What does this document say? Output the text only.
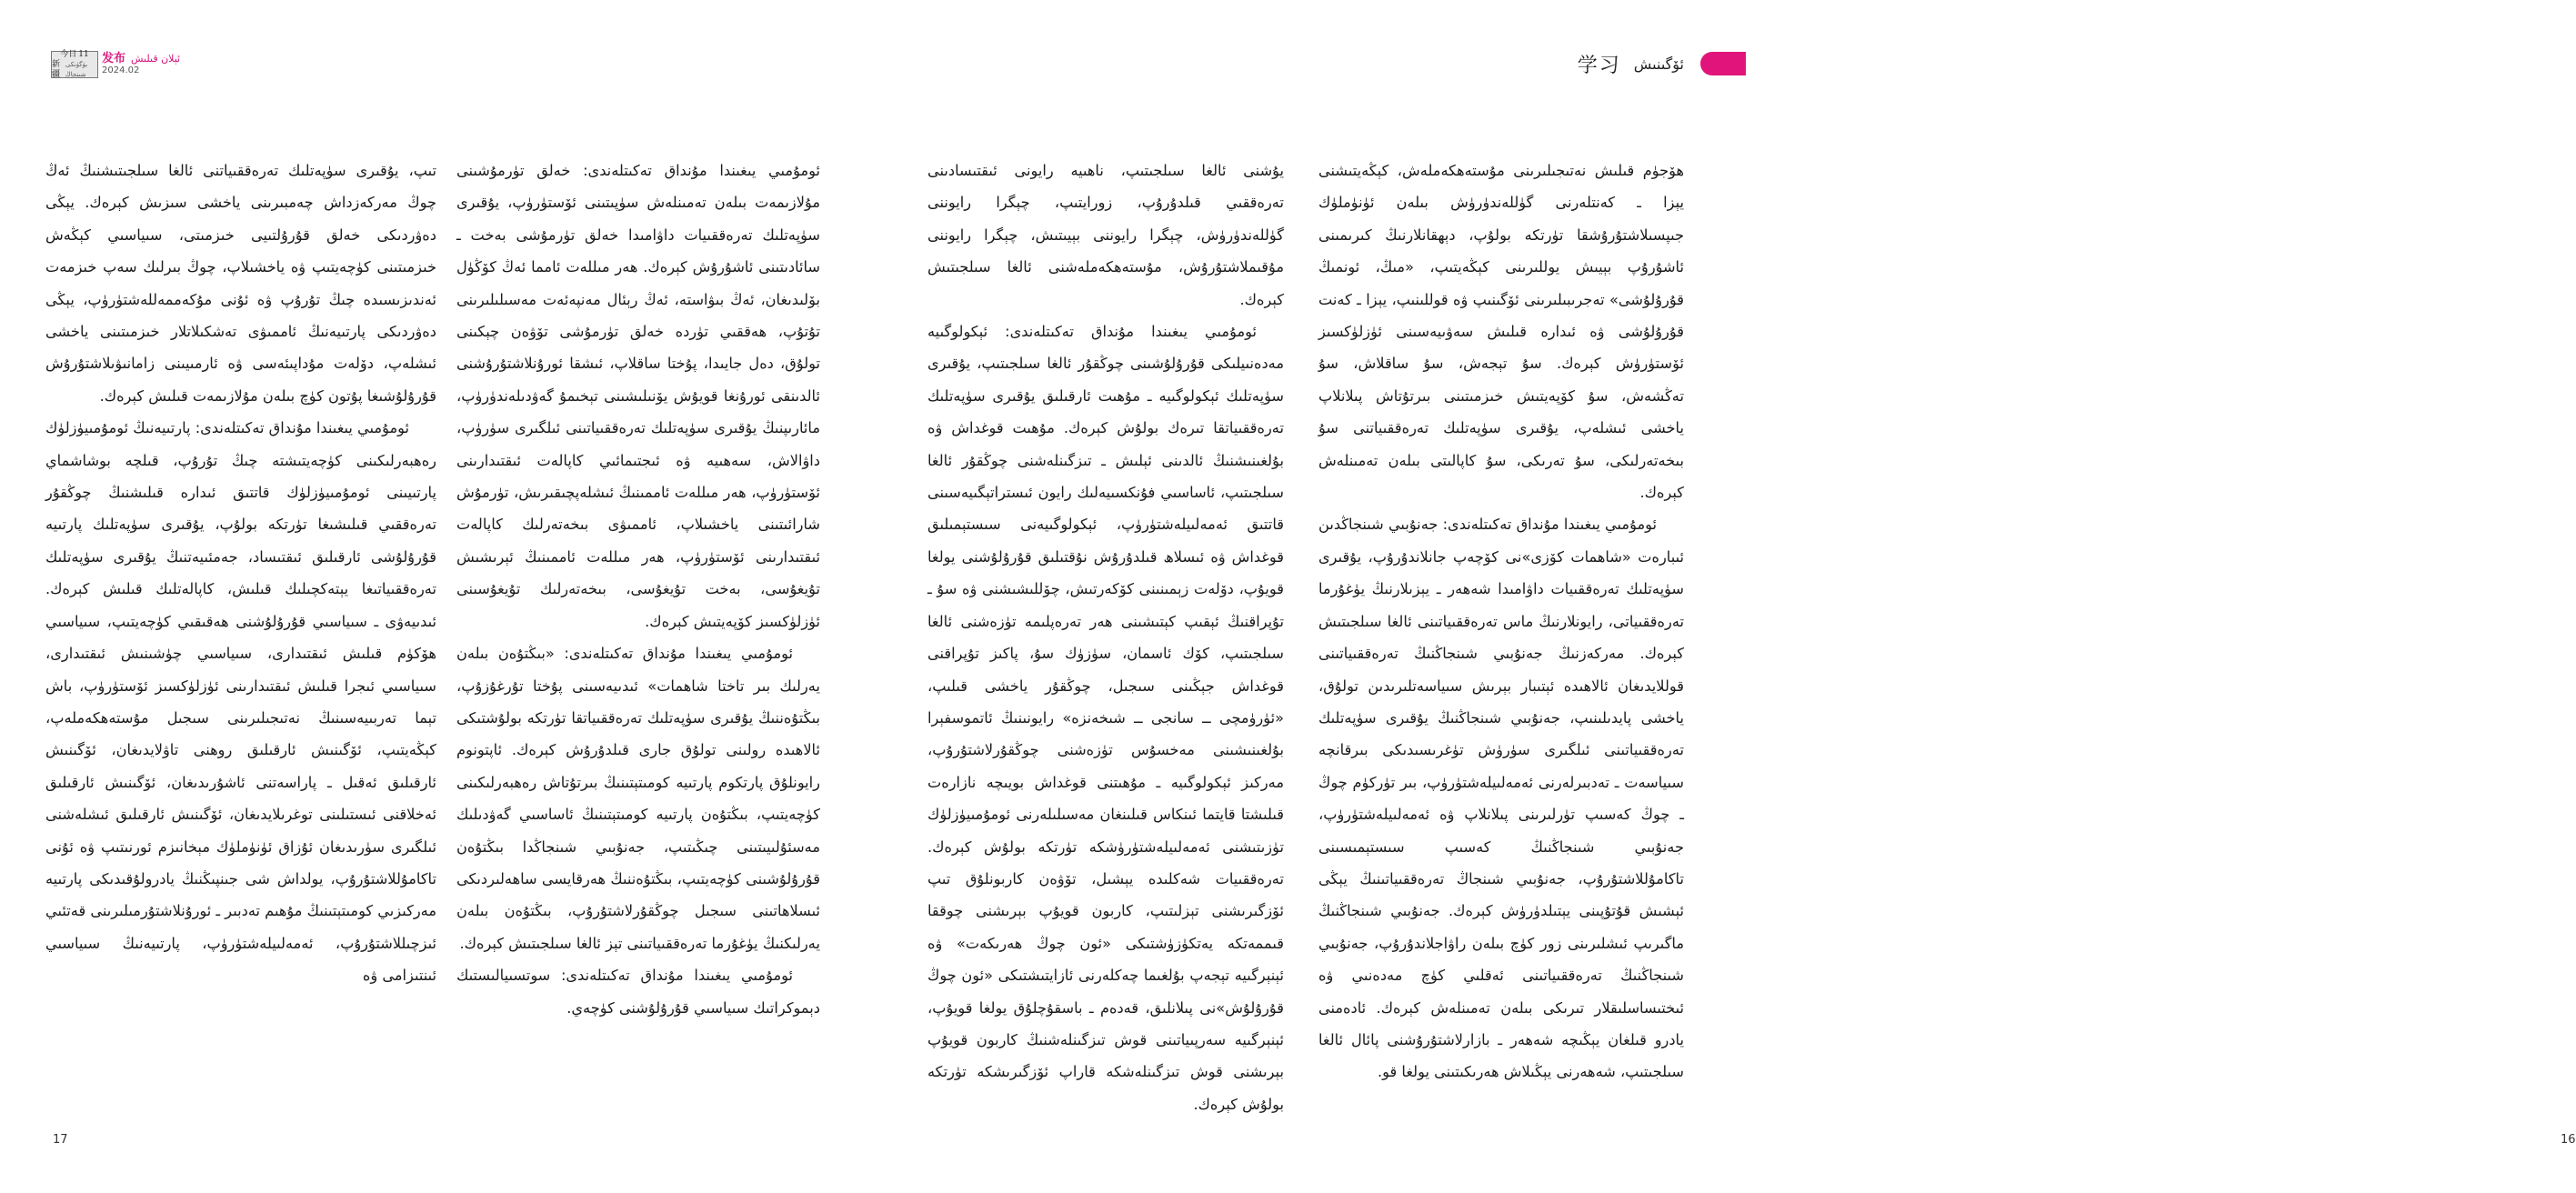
今日 11
新疆
بۈگۈنكى شىنجاڭ
发布 ئېلان قىلىش
2024.02

تىپ، يۇقىرى سۈپەتلىك تەرەققىياتنى ئالغا سىلجىتىشنىڭ ئەڭ چوڭ مەركەزداش چەمبىرىنى ياخشى سىزىش كېرەك. يېڭى دەۋردىكى خەلق قۇرۇلتىيى خىزمىتى، سىياسىي كېڭەش خىزمىتىنى كۈچەيتىپ ۋە ياخشىلاپ، چوڭ بىرلىك سەپ خىزمەت ئەندىزىسىدە چىڭ تۇرۇپ ۋە ئۇنى مۇكەممەللەشتۈرۈپ، يېڭى دەۋردىكى پارتىيەنىڭ ئاممىۋى تەشكىلاتلار خىزمىتىنى ياخشى ئىشلەپ، دۆلەت مۇداپىئەسى ۋە ئارمىيىنى زامانىۋىلاشتۇرۇش قۇرۇلۇشىغا پۇتون كۈچ بىلەن مۇلازىمەت قىلىش كېرەك.

ئومۇمىي يىغىندا مۇنداق تەكىتلەندى: پارتىيەنىڭ ئومۇمىيۈزلۈك رەھبەرلىكىنى كۈچەيتىشتە چىڭ تۇرۇپ، قىلچە بوشاشماي پارتىيىنى ئومۇمىيۈزلۈك قاتتىق ئىدارە قىلىشنىڭ چوڭقۇر تەرەققىي قىلىشىغا تۈرتكە بولۇپ، يۇقىرى سۈپەتلىك پارتىيە قۇرۇلۇشى ئارقىلىق ئىقتىساد، جەمئىيەتنىڭ يۇقىرى سۈپەتلىك تەرەققىياتىغا يېتەكچىلىك قىلىش، كاپالەتلىك قىلىش كېرەك. ئىدىيەۋى ـ سىياسىي قۇرۇلۇشنى ھەقىقىي كۈچەيتىپ، سىياسىي ھۆكۈم قىلىش ئىقتىدارى، سىياسىي چۈشىنىش ئىقتىدارى، سىياسىي ئىجرا قىلىش ئىقتىدارىنى ئۈزلۈكسىز ئۆستۈرۈپ، باش تېما تەربىيەسىنىڭ نەتىجىلىرىنى سىجىل مۇستەھكەملەپ، كېڭەيتىپ، ئۆگىنىش ئارقىلىق روھنى تاۋلايدىغان، ئۆگىنىش ئارقىلىق ئەقىل ـ پاراسەتنى ئاشۇرىدىغان، ئۆگىنىش ئارقىلىق ئەخلاقنى ئىستىلىنى توغرىلايدىغان، ئۆگىنىش ئارقىلىق ئىشلەشنى ئىلگىرى سۈرىدىغان ئۇزاق ئۈنۈملۈك مېخانىزم ئورنىتىپ ۋە ئۇنى تاكامۇللاشتۇرۇپ، يولداش شى جىنپىڭنىڭ يادرولۇقىدىكى پارتىيە مەركىزىي كومىتېتىنىڭ مۇھىم تەدبىر ـ ئورۇنلاشتۇرمىلىرىنى قەتئىي ئىزچىللاشتۇرۇپ، ئەمەلىيلەشتۈرۈپ، پارتىيەنىڭ سىياسىي ئىنتىزامى ۋە

ئومۇمىي يىغىندا مۇنداق تەكىتلەندى: خەلق تۈرمۇشىنى مۇلازىمەت بىلەن تەمىنلەش سۈپىتىنى ئۆستۈرۈپ، يۇقىرى سۈپەتلىك تەرەققىيات داۋامىدا خەلق تۈرمۇشى بەخت ـ سائادىتىنى ئاشۇرۇش كېرەك. ھەر مىللەت ئامما ئەڭ كۆڭۈل بۆلىدىغان، ئەڭ بىۋاستە، ئەڭ رېئال مەنپەئەت مەسىلىلىرىنى تۇتۇپ، ھەققىي تۈردە خەلق تۈرمۇشى تۆۋەن چېكىنى تولۇق، دەل جايىدا، پۇختا ساقلاپ، ئىشقا ئورۇنلاشتۇرۇشنى ئالدىنقى ئورۇنغا قويۇش يۆنىلىشىنى تېخىمۇ گەۋدىلەندۈرۈپ، مائارىپنىڭ يۇقىرى سۈپەتلىك تەرەققىياتىنى ئىلگىرى سۈرۈپ، داۋالاش، سەھىيە ۋە ئىجتىمائىي كاپالەت ئىقتىدارىنى ئۆستۈرۈپ، ھەر مىللەت ئاممىنىڭ ئىشلەپچىقىرىش، تۈرمۇش شارائىتىنى ياخشىلاپ، ئاممىۋى بىخەتەرلىك كاپالەت ئىقتىدارىنى ئۆستۈرۈپ، ھەر مىللەت ئاممىنىڭ ئېرىشىش تۇيغۇسى، بەخت تۇيغۇسى، بىخەتەرلىك تۇيغۇسىنى ئۈزلۈكسىز كۆپەيتىش كېرەك.

ئومۇمىي يىغىندا مۇنداق تەكىتلەندى: «بىڭتۇەن بىلەن يەرلىك بىر تاختا شاھمات» ئىدىيەسىنى پۇختا تۇرغۇزۇپ، بىڭتۇەننىڭ يۇقىرى سۈپەتلىك تەرەققىياتقا تۈرتكە بولۇشتىكى ئالاھىدە رولىنى تولۇق جارى قىلدۇرۇش كېرەك. ئاپتونوم رايونلۇق پارتكوم پارتىيە كومىتېتىنىڭ بىرتۇتاش رەھبەرلىكىنى كۈچەيتىپ، بىڭتۇەن پارتىيە كومىتېتىنىڭ ئاساسىي گەۋدىلىك مەسئۇلىيىتىنى چىڭىتىپ، جەنۇبىي شىنجاڭدا بىڭتۇەن قۇرۇلۇشىنى كۈچەيتىپ، بىڭتۇەننىڭ ھەرقايسى ساھەلىردىكى ئىسلاھاتىنى سىجىل چوڭقۇرلاشتۇرۇپ، بىڭتۇەن بىلەن يەرلىكنىڭ يۈغۇرما تەرەققىياتىنى تېز ئالغا سىلجىتىش كېرەك.

ئومۇمىي يىغىندا مۇنداق تەكىتلەندى: سوتسىيالىستىك دېموكراتىك سىياسىي قۇرۇلۇشنى كۈچەي.

17
学习 ئۆگىنىش
16

يۇشنى ئالغا سىلجىتىپ، ناھىيە رايونى ئىقتىسادىنى تەرەققىي قىلدۇرۇپ، زورايتىپ، چېگرا رايوننى گۈللەندۈرۈش، چېگرا رايوننى بېيىتىش، چېگرا رايوننى مۇقىملاشتۇرۇش، مۇستەھكەملەشنى ئالغا سىلجىتىش كېرەك.

ئومۇمىي يىغىندا مۇنداق تەكىتلەندى: ئېكولوگىيە مەدەنىيلىكى قۇرۇلۇشىنى چوڭقۇر ئالغا سىلجىتىپ، يۇقىرى سۈپەتلىك ئېكولوگىيە ـ مۇھىت ئارقىلىق يۇقىرى سۈپەتلىك تەرەققىياتقا تىرەك بولۇش كېرەك. مۇھىت قوغداش ۋە بۇلغىنىشنىڭ ئالدىنى ئېلىش ـ تىزگىنلەشنى چوڭقۇر ئالغا سىلجىتىپ، ئاساسىي فۇنكسىيەلىك رايون ئىستراتېگىيەسىنى قاتتىق ئەمەلىيلەشتۈرۈپ، ئېكولوگىيەنى سىستېمىلىق قوغداش ۋە ئىسلاھ قىلدۇرۇش نۇقتىلىق قۇرۇلۇشنى يولغا قويۇپ، دۆلەت زېمىنىنى كۆكەرتىش، چۆللىشىشنى ۋە سۇ ـ تۇپراقنىڭ ئېقىپ كېتىشىنى ھەر تەرەپلىمە تۈزەشنى ئالغا سىلجىتىپ، كۆك ئاسمان، سۈزۈك سۇ، پاكىز تۇپراقنى قوغداش جېڭىنى سىجىل، چوڭقۇر ياخشى قىلىپ، «ئۈرۈمچى ــ سانجى ــ شىخەنزە» رايونىنىڭ ئاتموسفېرا بۇلغىنىشىنى مەخسۇس تۈزەشنى چوڭقۇرلاشتۇرۇپ، مەركىز ئېكولوگىيە ـ مۇھىتنى قوغداش بويىچە نازارەت قىلىشتا قايتما ئىنكاس قىلىنغان مەسىلىلەرنى ئومۇمىيۈزلۈك تۈزىتىشنى ئەمەلىيلەشتۈرۈشكە تۈرتكە بولۇش كېرەك. تەرەققىيات شەكلىدە يېشىل، تۆۋەن كاربونلۇق تىپ ئۆزگىرىشنى تېزلىتىپ، كاربون قويۇپ بېرىشنى چوققا قىممەتكە يەتكۈزۈشتىكى «ئون چوڭ ھەرىكەت» ۋە ئېنېرگىيە تېجەپ بۇلغىما چەكلەرنى ئازايتىشتىكى «ئون چوڭ قۇرۇلۇش»نى پىلانلىق، قەدەم ـ باسقۇچلۇق يولغا قويۇپ، ئېنېرگىيە سەرپىياتىنى قوش تىزگىنلەشنىڭ كاربون قويۇپ بېرىشنى قوش تىزگىنلەشكە قاراپ ئۆزگىرىشكە تۈرتكە بولۇش كېرەك.

ھۆجۈم قىلىش نەتىجىلىرىنى مۇستەھكەملەش، كېڭەيتىشنى يېزا ـ كەنتلەرنى گۈللەندۈرۈش بىلەن ئۈنۈملۈك جىپسىلاشتۇرۇشقا تۈرتكە بولۇپ، دېھقانلارنىڭ كىرىمىنى ئاشۇرۇپ بېيىش يوللىرىنى كېڭەيتىپ، «مىڭ، ئونمىڭ قۇرۇلۇشى» تەجرىبىلىرىنى ئۆگىنىپ ۋە قوللىنىپ، يېزا ـ كەنت قۇرۇلۇشى ۋە ئىدارە قىلىش سەۋىيەسىنى ئۈزلۈكسىز ئۆستۈرۈش كېرەك. سۇ تېجەش، سۇ ساقلاش، سۇ تەڭشەش، سۇ كۆپەيتىش خىزمىتىنى بىرتۇتاش پىلانلاپ ياخشى ئىشلەپ، يۇقىرى سۈپەتلىك تەرەققىياتنى سۇ بىخەتەرلىكى، سۇ تەرىكى، سۇ كاپالىتى بىلەن تەمىنلەش كېرەك.

ئومۇمىي يىغىندا مۇنداق تەكىتلەندى: جەنۇبىي شىنجاڭدىن ئىبارەت «شاھمات كۆزى»نى كۆچەپ جانلاندۇرۇپ، يۇقىرى سۈپەتلىك تەرەققىيات داۋامىدا شەھەر ـ يېزىلارنىڭ يۈغۇرما تەرەققىياتى، رايونلارنىڭ ماس تەرەققىياتىنى ئالغا سىلجىتىش كېرەك. مەركەزنىڭ جەنۇبىي شىنجاڭنىڭ تەرەققىياتىنى قوللايدىغان ئالاھىدە ئېتىبار بېرىش سىياسەتلىرىدىن تولۇق، ياخشى پايدىلىنىپ، جەنۇبىي شىنجاڭنىڭ يۇقىرى سۈپەتلىك تەرەققىياتىنى ئىلگىرى سۈرۈش تۈغرىسىدىكى بىرقانچە سىياسەت ـ تەدبىرلەرنى ئەمەلىيلەشتۈرۈپ، بىر تۈركۈم چوڭ ـ چوڭ كەسىپ تۈرلىرىنى پىلانلاپ ۋە ئەمەلىيلەشتۈرۈپ، جەنۇبىي شىنجاڭنىڭ كەسىپ سىستېمىسىنى تاكامۇللاشتۇرۇپ، جەنۇبىي شىنجاڭ تەرەققىياتىنىڭ يېڭى ئېشىش قۇتۇپىنى يېتىلدۈرۈش كېرەك. جەنۇبىي شىنجاڭنىڭ ماگىرىپ ئىشلىرىنى زور كۈچ بىلەن راۋاجلاندۇرۇپ، جەنۇبىي شىنجاڭنىڭ تەرەققىياتىنى ئەقلىي كۈچ مەدەنىي ۋە ئىختىساسلىقلار تىرىكى بىلەن تەمىنلەش كېرەك. ئادەمنى يادرو قىلغان يېڭىچە شەھەر ـ بازارلاشتۇرۇشنى پائال ئالغا سىلجىتىپ، شەھەرنى يېڭىلاش ھەرىكىتىنى يولغا قو.
